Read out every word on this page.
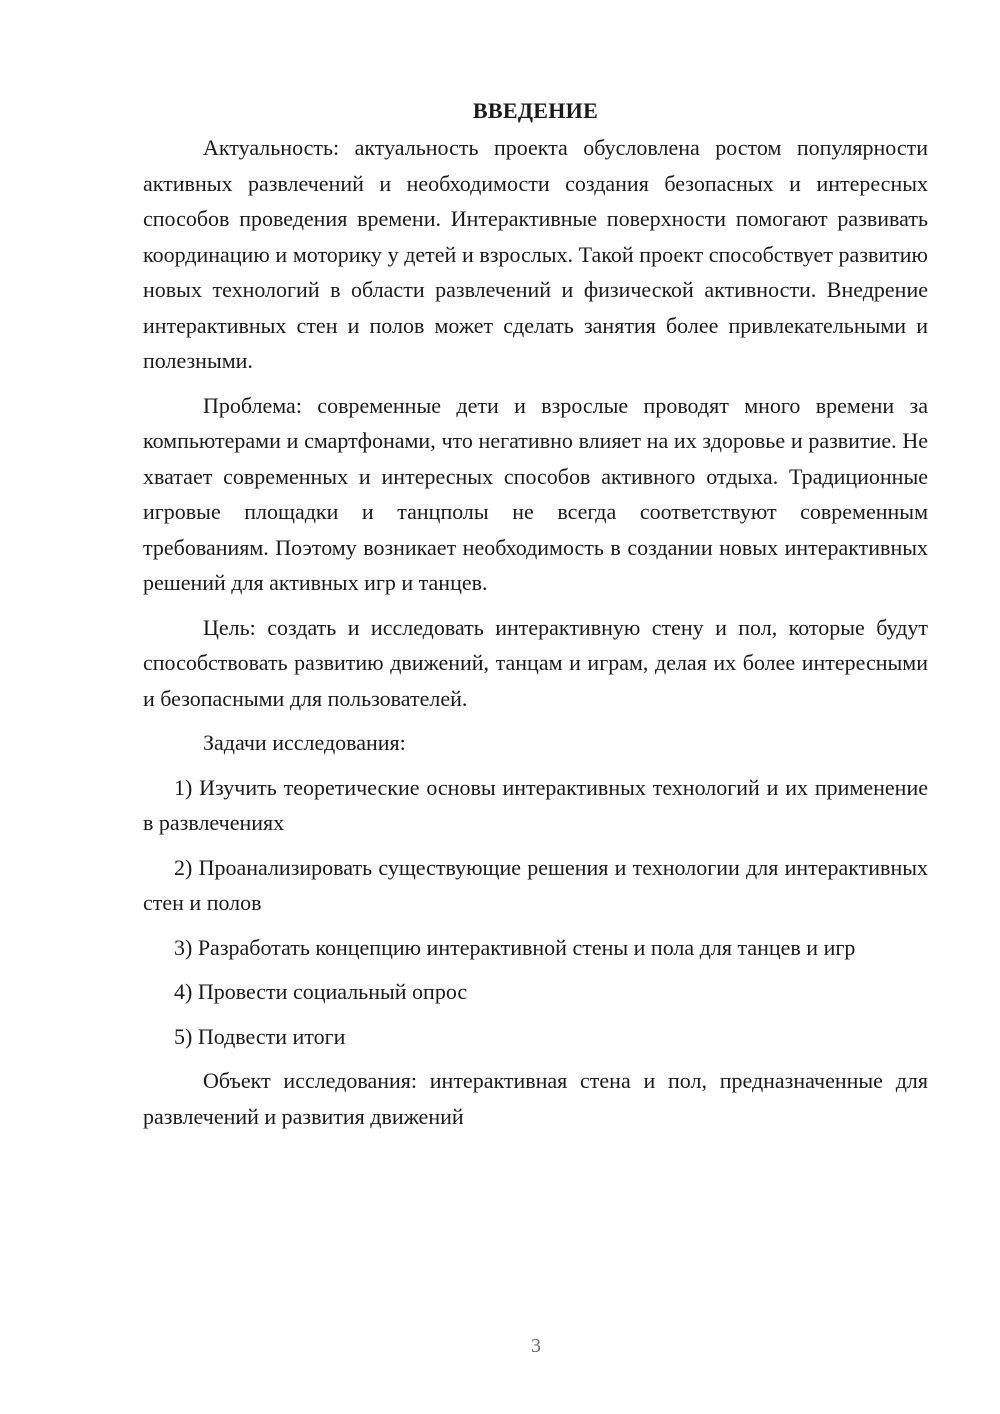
ВВЕДЕНИЕ

Актуальность: актуальность проекта обусловлена ростом популярности активных развлечений и необходимости создания безопасных и интересных способов проведения времени. Интерактивные поверхности помогают развивать координацию и моторику у детей и взрослых. Такой проект способствует развитию новых технологий в области развлечений и физической активности. Внедрение интерактивных стен и полов может сделать занятия более привлекательными и полезными.

Проблема: современные дети и взрослые проводят много времени за компьютерами и смартфонами, что негативно влияет на их здоровье и развитие. Не хватает современных и интересных способов активного отдыха. Традиционные игровые площадки и танцполы не всегда соответствуют современным требованиям. Поэтому возникает необходимость в создании новых интерактивных решений для активных игр и танцев.

Цель: создать и исследовать интерактивную стену и пол, которые будут способствовать развитию движений, танцам и играм, делая их более интересными и безопасными для пользователей.

Задачи исследования:

1) Изучить теоретические основы интерактивных технологий и их применение в развлечениях

2) Проанализировать существующие решения и технологии для интерактивных стен и полов

3) Разработать концепцию интерактивной стены и пола для танцев и игр

4) Провести социальный опрос

5) Подвести итоги

Объект исследования: интерактивная стена и пол, предназначенные для развлечений и развития движений

3
